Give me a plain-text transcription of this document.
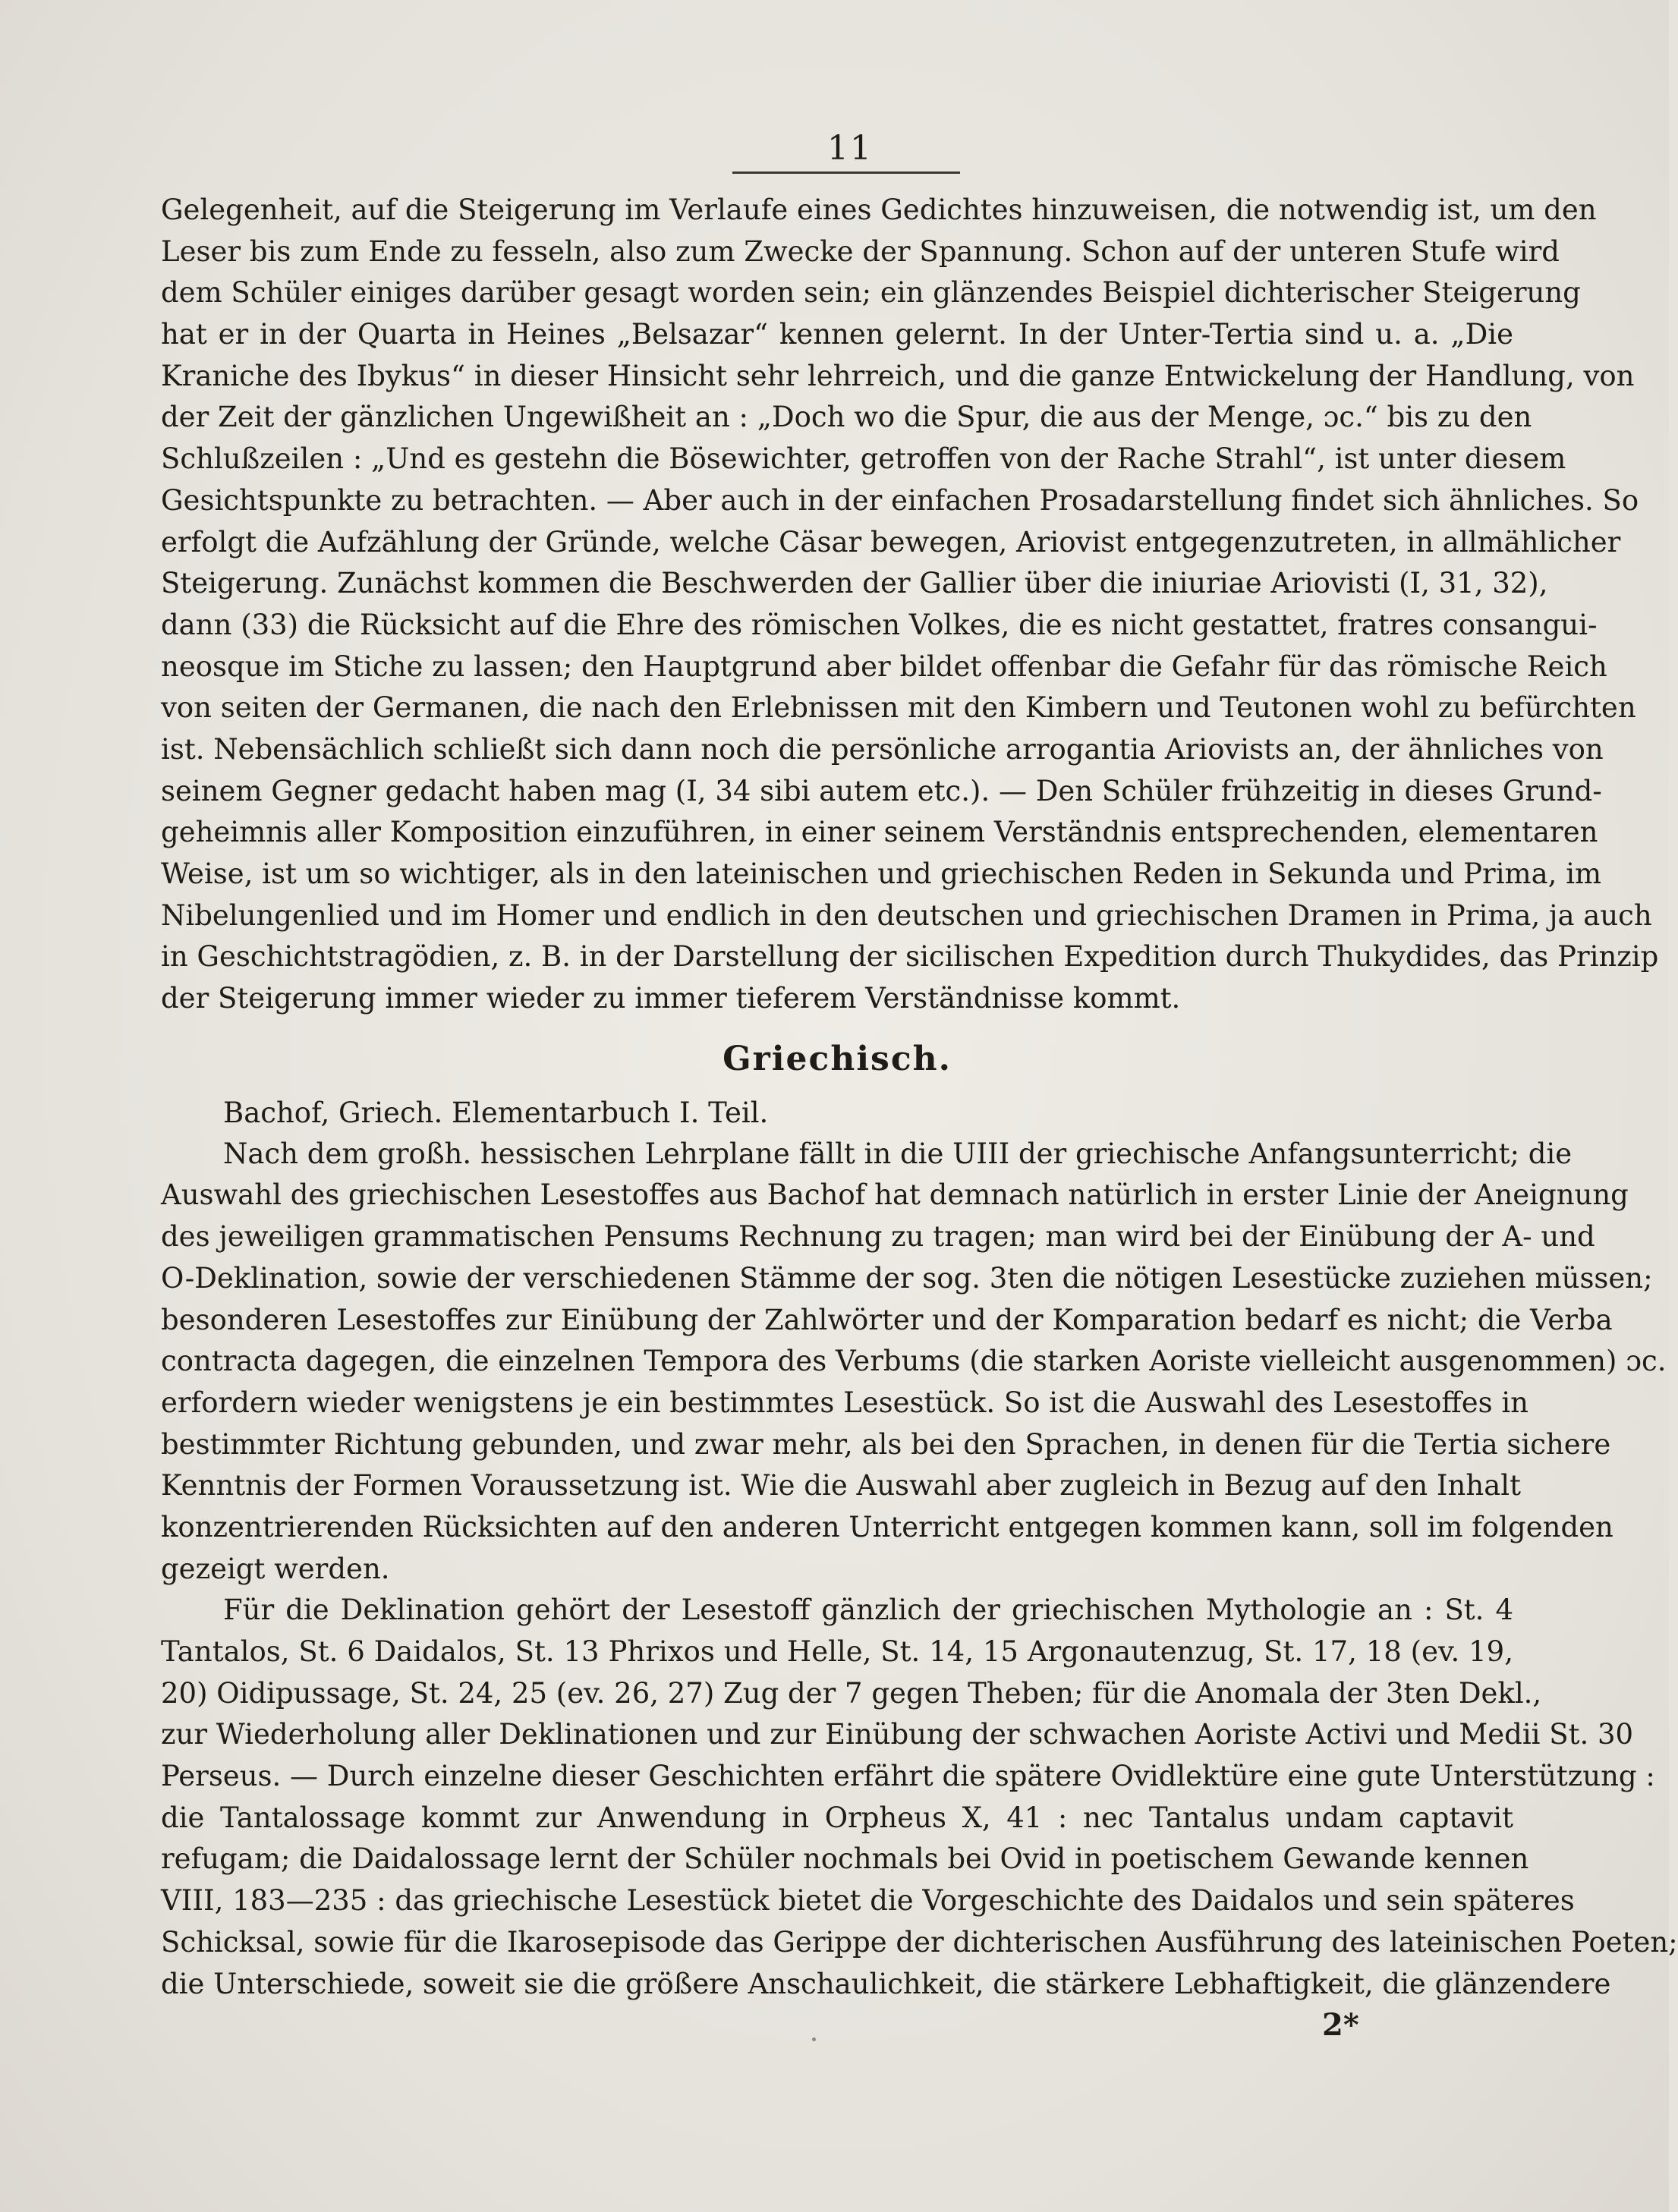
11
Gelegenheit, auf die Steigerung im Verlaufe eines Gedichtes hinzuweisen, die notwendig ist, um den
Leser bis zum Ende zu fesseln, also zum Zwecke der Spannung. Schon auf der unteren Stufe wird
dem Schüler einiges darüber gesagt worden sein; ein glänzendes Beispiel dichterischer Steigerung
hat er in der Quarta in Heines „Belsazar“ kennen gelernt. In der Unter-Tertia sind u. a. „Die
Kraniche des Ibykus“ in dieser Hinsicht sehr lehrreich, und die ganze Entwickelung der Handlung, von
der Zeit der gänzlichen Ungewißheit an : „Doch wo die Spur, die aus der Menge, ɔc.“ bis zu den
Schlußzeilen : „Und es gestehn die Bösewichter, getroffen von der Rache Strahl“, ist unter diesem
Gesichtspunkte zu betrachten. — Aber auch in der einfachen Prosadarstellung findet sich ähnliches. So
erfolgt die Aufzählung der Gründe, welche Cäsar bewegen, Ariovist entgegenzutreten, in allmählicher
Steigerung. Zunächst kommen die Beschwerden der Gallier über die iniuriae Ariovisti (I, 31, 32),
dann (33) die Rücksicht auf die Ehre des römischen Volkes, die es nicht gestattet, fratres consangui-
neosque im Stiche zu lassen; den Hauptgrund aber bildet offenbar die Gefahr für das römische Reich
von seiten der Germanen, die nach den Erlebnissen mit den Kimbern und Teutonen wohl zu befürchten
ist. Nebensächlich schließt sich dann noch die persönliche arrogantia Ariovists an, der ähnliches von
seinem Gegner gedacht haben mag (I, 34 sibi autem etc.). — Den Schüler frühzeitig in dieses Grund-
geheimnis aller Komposition einzuführen, in einer seinem Verständnis entsprechenden, elementaren
Weise, ist um so wichtiger, als in den lateinischen und griechischen Reden in Sekunda und Prima, im
Nibelungenlied und im Homer und endlich in den deutschen und griechischen Dramen in Prima, ja auch
in Geschichtstragödien, z. B. in der Darstellung der sicilischen Expedition durch Thukydides, das Prinzip
der Steigerung immer wieder zu immer tieferem Verständnisse kommt.
Griechisch.
Bachof, Griech. Elementarbuch I. Teil.
Nach dem großh. hessischen Lehrplane fällt in die UIII der griechische Anfangsunterricht; die
Auswahl des griechischen Lesestoffes aus Bachof hat demnach natürlich in erster Linie der Aneignung
des jeweiligen grammatischen Pensums Rechnung zu tragen; man wird bei der Einübung der A- und
O-Deklination, sowie der verschiedenen Stämme der sog. 3ten die nötigen Lesestücke zuziehen müssen;
besonderen Lesestoffes zur Einübung der Zahlwörter und der Komparation bedarf es nicht; die Verba
contracta dagegen, die einzelnen Tempora des Verbums (die starken Aoriste vielleicht ausgenommen) ɔc.
erfordern wieder wenigstens je ein bestimmtes Lesestück. So ist die Auswahl des Lesestoffes in
bestimmter Richtung gebunden, und zwar mehr, als bei den Sprachen, in denen für die Tertia sichere
Kenntnis der Formen Voraussetzung ist. Wie die Auswahl aber zugleich in Bezug auf den Inhalt
konzentrierenden Rücksichten auf den anderen Unterricht entgegen kommen kann, soll im folgenden
gezeigt werden.
Für die Deklination gehört der Lesestoff gänzlich der griechischen Mythologie an : St. 4
Tantalos, St. 6 Daidalos, St. 13 Phrixos und Helle, St. 14, 15 Argonautenzug, St. 17, 18 (ev. 19,
20) Oidipussage, St. 24, 25 (ev. 26, 27) Zug der 7 gegen Theben; für die Anomala der 3ten Dekl.,
zur Wiederholung aller Deklinationen und zur Einübung der schwachen Aoriste Activi und Medii St. 30
Perseus. — Durch einzelne dieser Geschichten erfährt die spätere Ovidlektüre eine gute Unterstützung :
die Tantalossage kommt zur Anwendung in Orpheus X, 41 : nec Tantalus undam captavit
refugam; die Daidalossage lernt der Schüler nochmals bei Ovid in poetischem Gewande kennen
VIII, 183—235 : das griechische Lesestück bietet die Vorgeschichte des Daidalos und sein späteres
Schicksal, sowie für die Ikarosepisode das Gerippe der dichterischen Ausführung des lateinischen Poeten;
die Unterschiede, soweit sie die größere Anschaulichkeit, die stärkere Lebhaftigkeit, die glänzendere
2*
